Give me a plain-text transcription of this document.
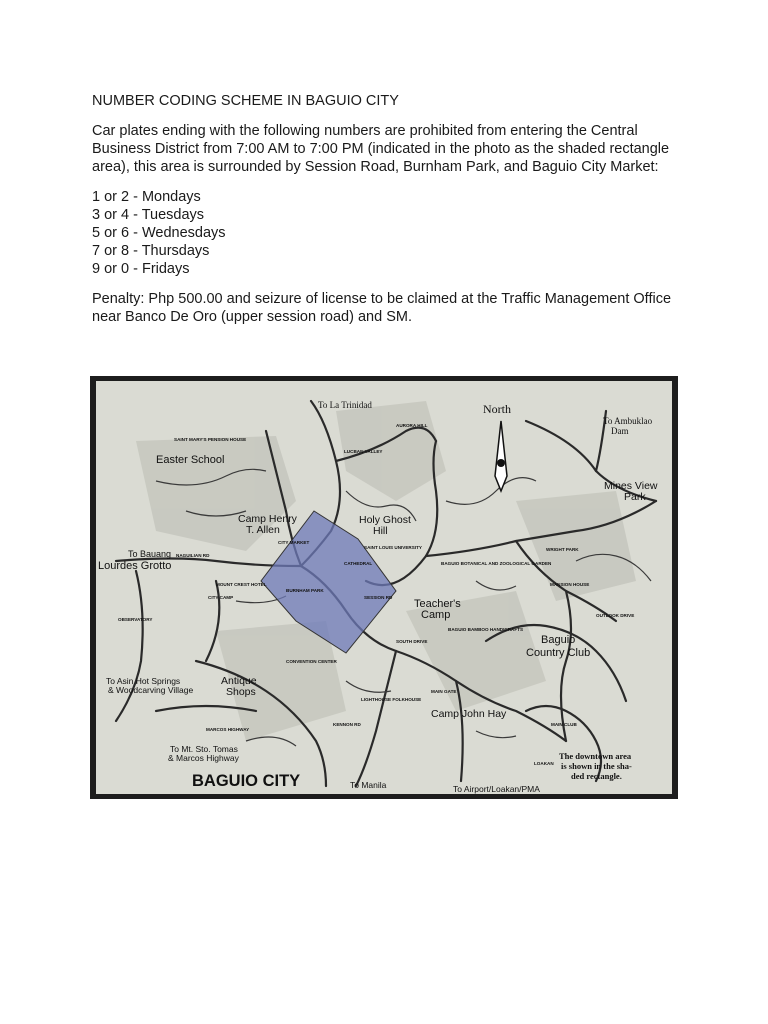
NUMBER CODING SCHEME IN BAGUIO CITY

Car plates ending with the following numbers are prohibited from entering the Central Business District from 7:00 AM to 7:00 PM (indicated in the photo as the shaded rectangle area), this area is surrounded by Session Road, Burnham Park, and Baguio City Market:

1 or 2 - Mondays
3 or 4 - Tuesdays
5 or 6 - Wednesdays
7 or 8 - Thursdays
9 or 0 - Fridays

Penalty: Php 500.00 and seizure of license to be claimed at the Traffic Management Office near Banco De Oro (upper session road) and SM.

North
To La Trinidad
To Ambuklao
Dam
Easter School
Camp Henry
T. Allen
Holy Ghost
Hill
Mines View
Park
To Bauang
Lourdes Grotto
Teacher's
Camp
Baguio
Country Club
To Asin Hot Springs
& Woodcarving Village
Antique
Shops
Camp John Hay
To Mt. Sto. Tomas
& Marcos Highway
BAGUIO CITY	To Manila	To Airport/Loakan/PMA
The downtown area
is shown in the sha-
ded rectangle.
AURORA HILL
LUCBAN VALLEY
SAINT MARY'S PENSION HOUSE
CITY MARKET
CATHEDRAL
BURNHAM PARK
MOUNT CREST HOTEL
OBSERVATORY
WRIGHT PARK
MANSION HOUSE
BAGUIO BOTANICAL AND ZOOLOGICAL GARDEN
BAGUIO BAMBOO HANDICRAFTS
CONVENTION CENTER
LIGHTHOUSE FOLKHOUSE
MAIN GATE
MAIN CLUB
SOUTH DRIVE
MARCOS HIGHWAY
KENNON RD
SESSION RD
NAGUILIAN RD
OUTLOOK DRIVE
LOAKAN
CITY CAMP
SAINT LOUIS UNIVERSITY
